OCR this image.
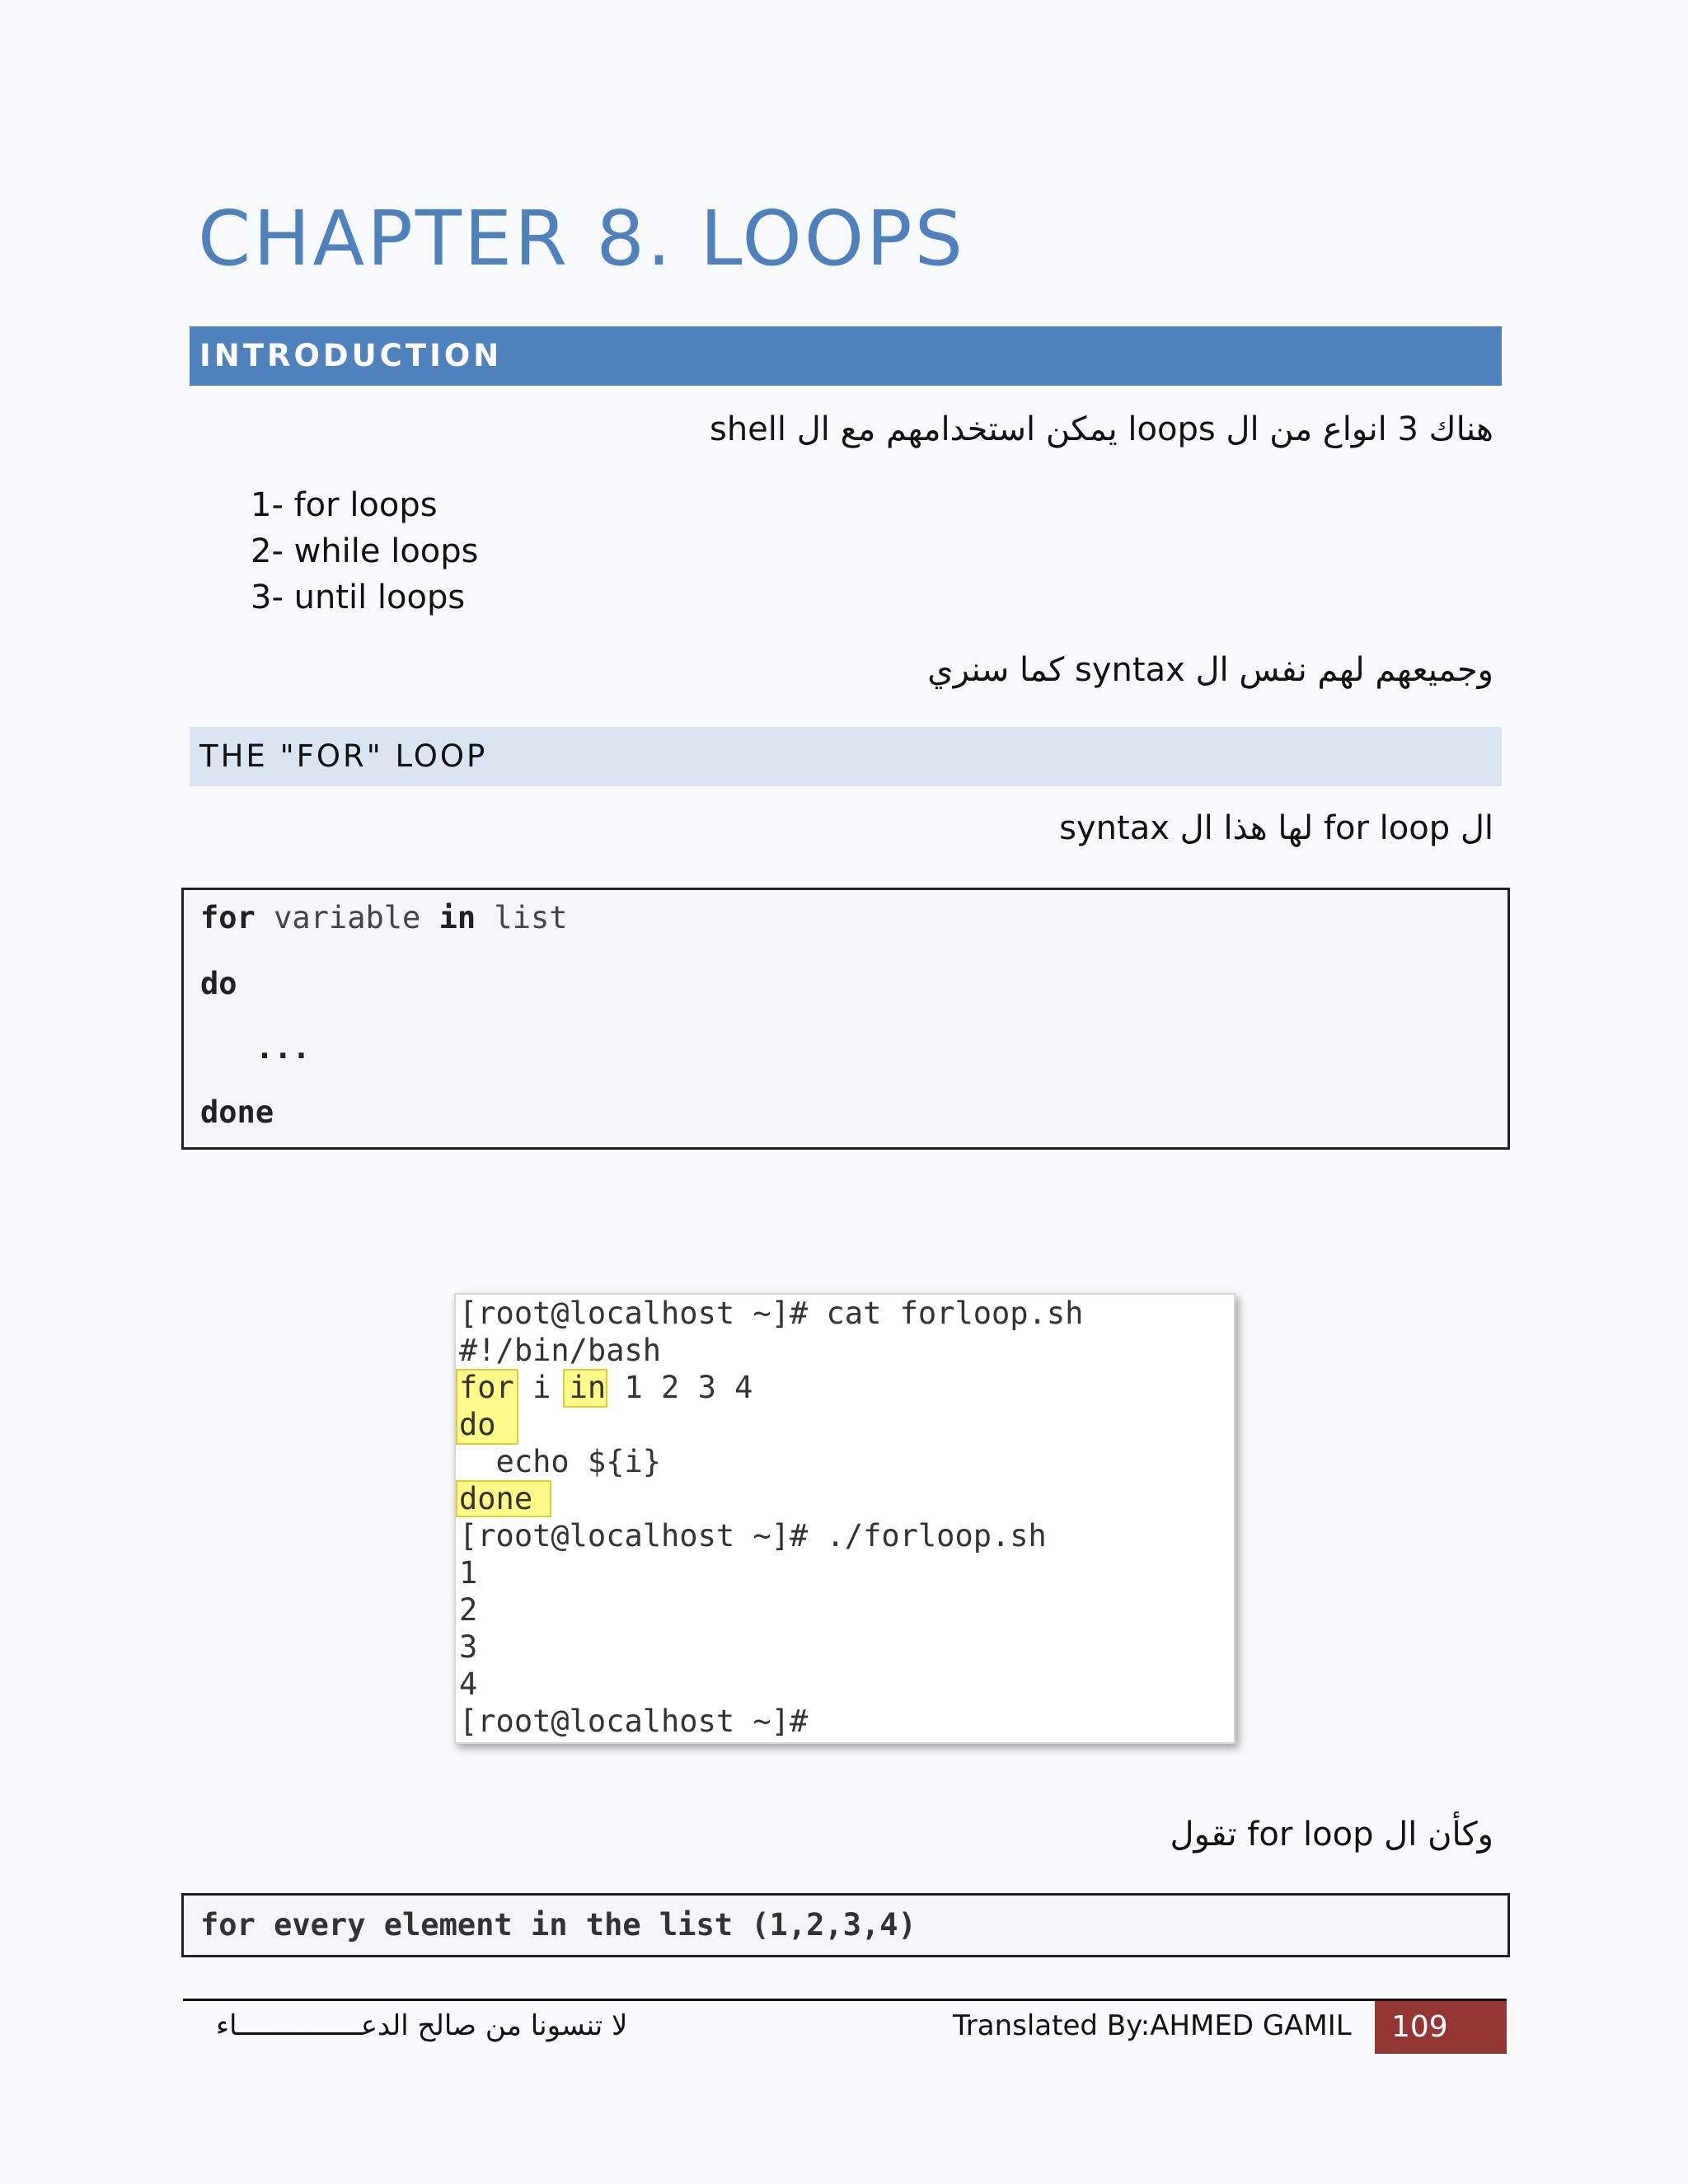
CHAPTER 8. LOOPS
INTRODUCTION
هناك 3 انواع من ال loops يمكن استخدامهم مع ال shell
1- for loops
2- while loops
3- until loops
وجميعهم لهم نفس ال syntax كما سنري
THE "FOR" LOOP
ال for loop لها هذا ال syntax
for variable in list
do
...
done
[root@localhost ~]# cat forloop.sh
#!/bin/bash
for i in 1 2 3 4
do
echo ${i}
done
[root@localhost ~]# ./forloop.sh
1
2
3
4
[root@localhost ~]#
وكأن ال for loop تقول
for every element in the list (1,2,3,4)
لا تنسونا من صالح الدعـــــــــــــــاء	Translated By:AHMED GAMIL	109
